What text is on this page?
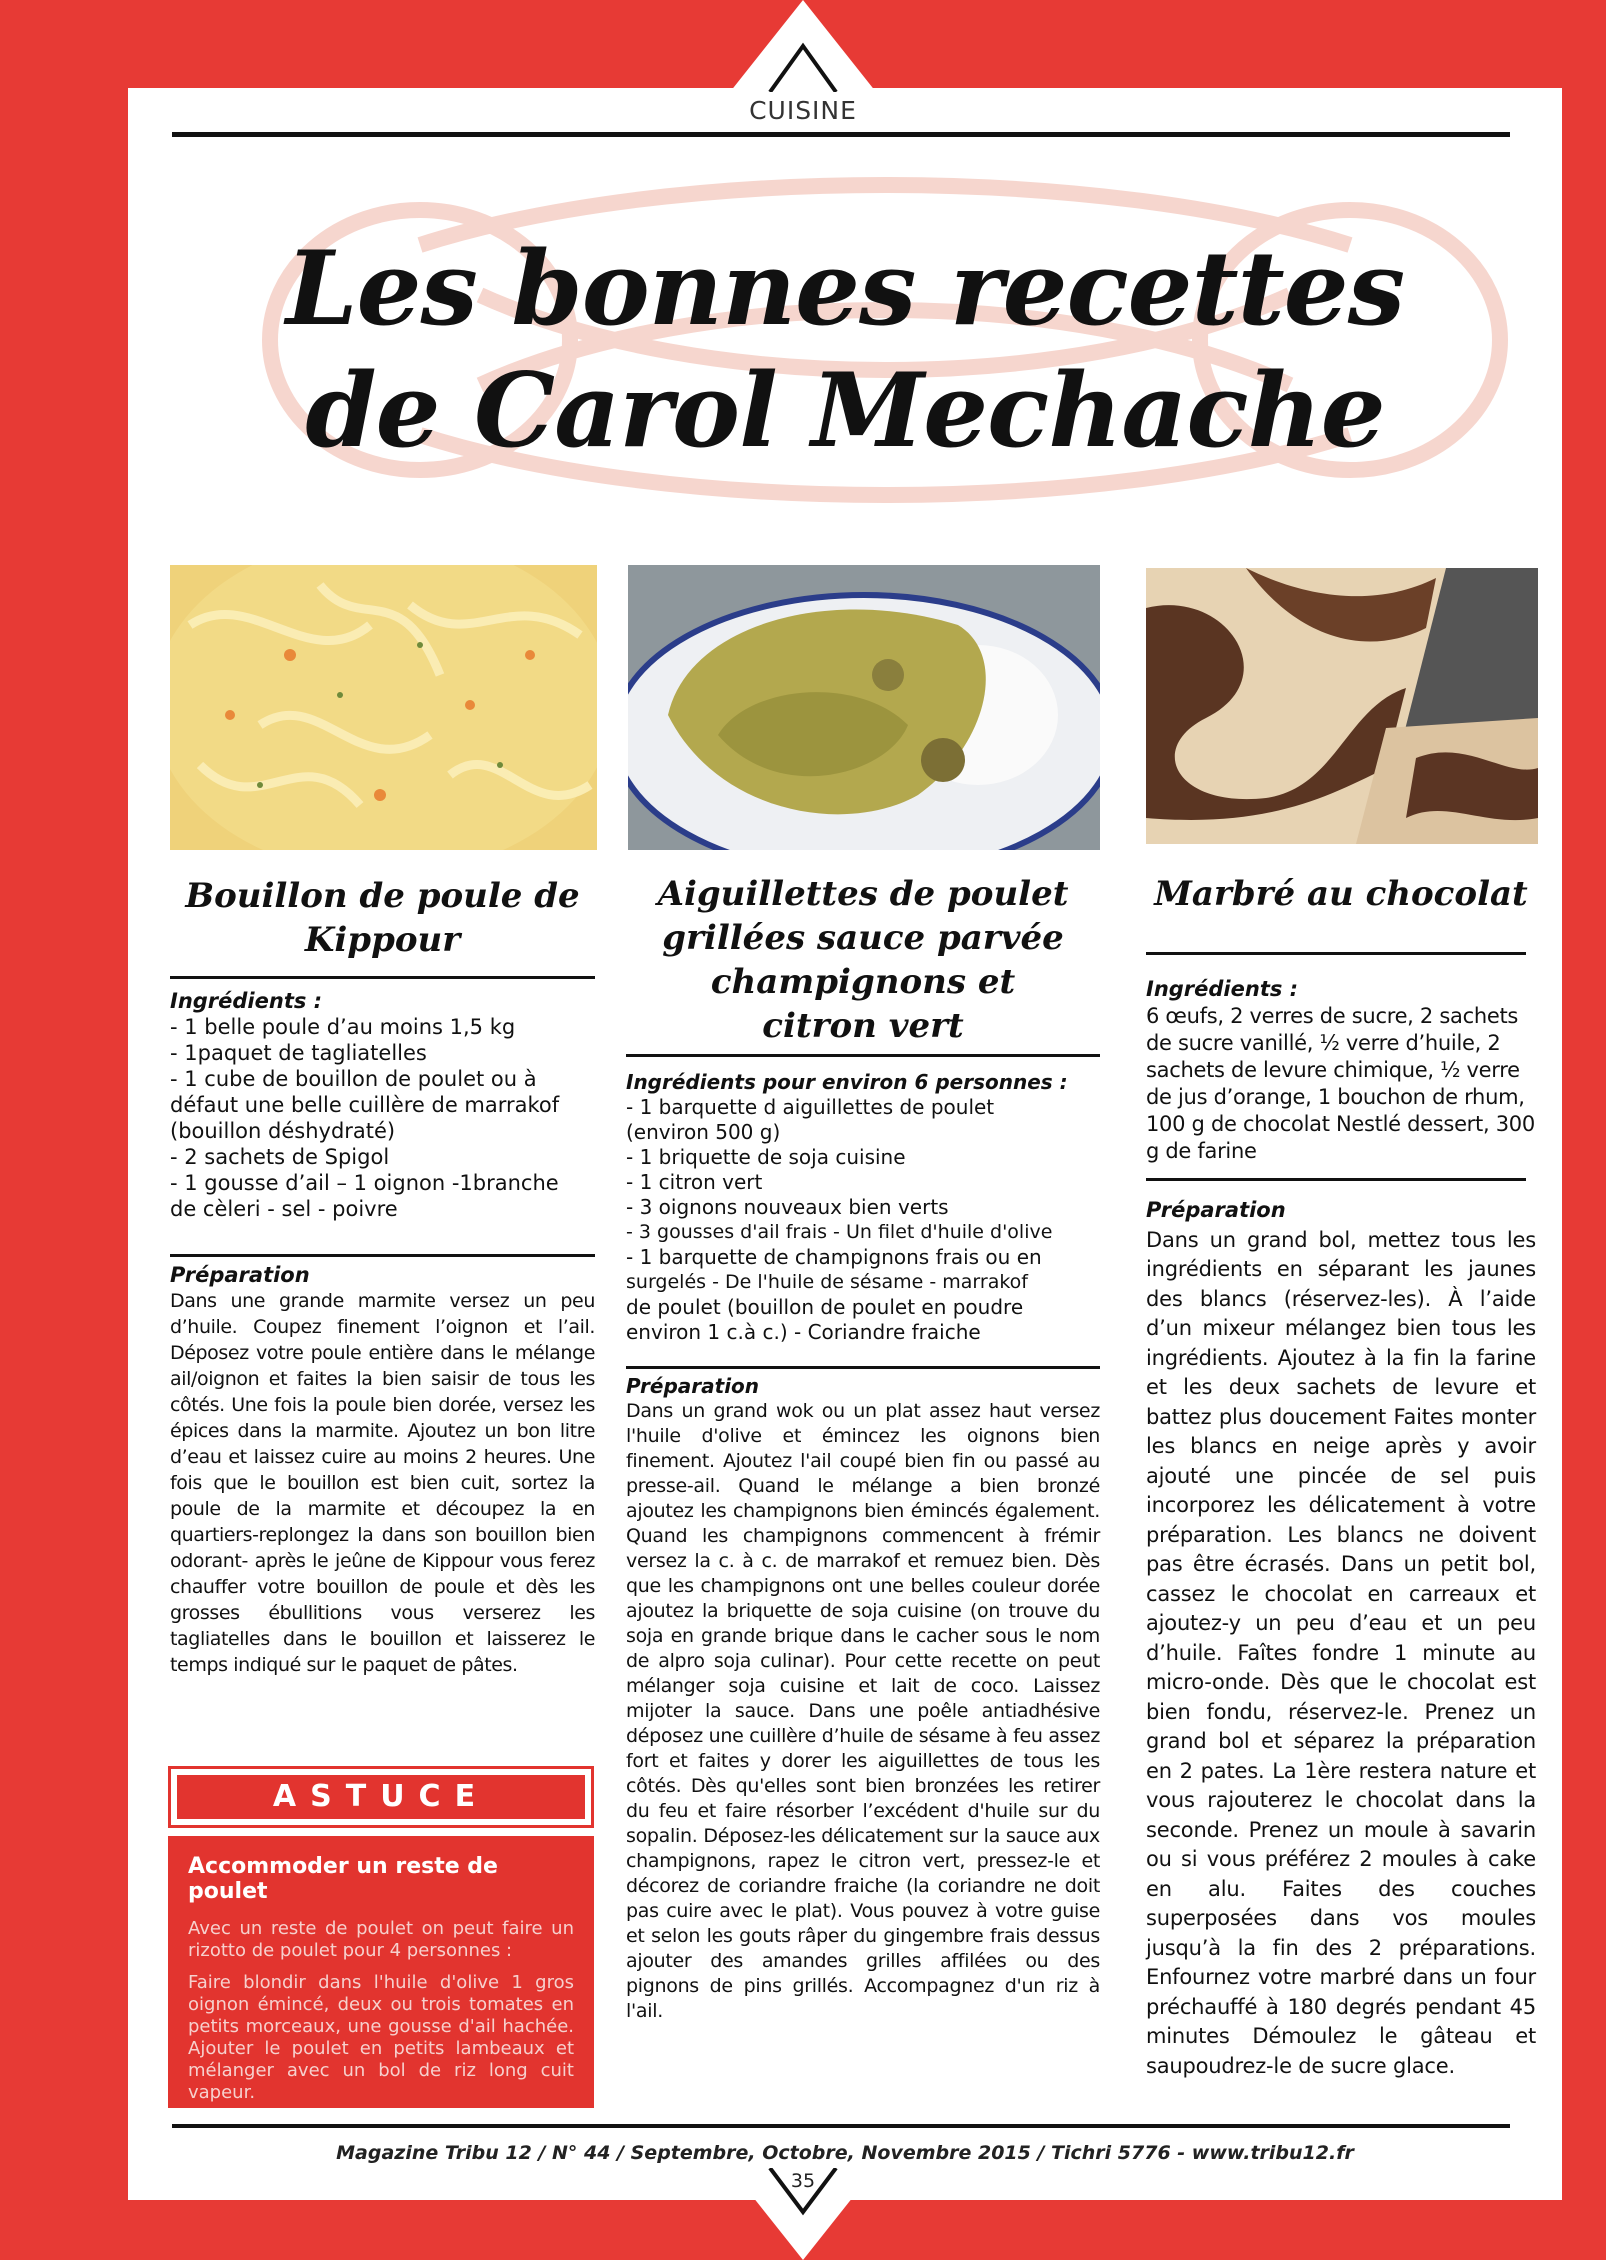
CUISINE
Les bonnes recettes
de Carol Mechache
Bouillon de poule de
Kippour

Ingrédients :

- 1 belle poule d’au moins 1,5 kg
- 1paquet de tagliatelles
- 1 cube de bouillon de poulet ou à
défaut une belle cuillère de marrakof
(bouillon déshydraté)
- 2 sachets de Spigol
- 1 gousse d’ail – 1 oignon -1branche
de cèleri - sel - poivre

Préparation

Dans une grande marmite versez un peu d’huile. Coupez finement l’oignon et l’ail. Déposez votre poule entière dans le mélange ail/oignon et faites la bien saisir de tous les côtés. Une fois la poule bien dorée, versez les épices dans la marmite. Ajoutez un bon litre d’eau et laissez cuire au moins 2 heures. Une fois que le bouillon est bien cuit, sortez la poule de la marmite et découpez la en quartiers-replongez la dans son bouillon bien odorant- après le jeûne de Kippour vous ferez chauffer votre bouillon de poule et dès les grosses ébullitions vous verserez les tagliatelles dans le bouillon et laisserez le temps indiqué sur le paquet de pâtes.
ASTUCE

Accommoder un reste de poulet

Avec un reste de poulet on peut faire un rizotto de poulet pour 4 personnes :

Faire blondir dans l'huile d'olive 1 gros oignon émincé, deux ou trois tomates en petits morceaux, une gousse d'ail hachée. Ajouter le poulet en petits lambeaux et mélanger avec un bol de riz long cuit vapeur.

Aiguillettes de poulet
grillées sauce parvée
champignons et
citron vert

Ingrédients pour environ 6 personnes :

- 1 barquette d aiguillettes de poulet
(environ 500 g)
- 1 briquette de soja cuisine
- 1 citron vert
- 3 oignons nouveaux bien verts
- 3 gousses d'ail frais - Un filet d'huile d'olive
- 1 barquette de champignons frais ou en
surgelés - De l'huile de sésame - marrakof
de poulet (bouillon de poulet en poudre
environ 1 c.à c.) - Coriandre fraiche

Préparation

Dans un grand wok ou un plat assez haut versez l'huile d'olive et émincez les oignons bien finement. Ajoutez l'ail coupé bien fin ou passé au presse-ail. Quand le mélange a bien bronzé ajoutez les champignons bien émincés également. Quand les champignons commencent à frémir versez la c. à c. de marrakof et remuez bien. Dès que les champignons ont une belles couleur dorée ajoutez la briquette de soja cuisine (on trouve du soja en grande brique dans le cacher sous le nom de alpro soja culinar). Pour cette recette on peut mélanger soja cuisine et lait de coco. Laissez mijoter la sauce. Dans une poêle antiadhésive déposez une cuillère d’huile de sésame à feu assez fort et faites y dorer les aiguillettes de tous les côtés. Dès qu'elles sont bien bronzées les retirer du feu et faire résorber l’excédent d'huile sur du sopalin. Déposez-les délicatement sur la sauce aux champignons, rapez le citron vert, pressez-le et décorez de coriandre fraiche (la coriandre ne doit pas cuire avec le plat). Vous pouvez à votre guise et selon les gouts râper du gingembre frais dessus ajouter des amandes grilles affilées ou des pignons de pins grillés. Accompagnez d'un riz à l'ail.
Marbré au chocolat

Ingrédients :

6 œufs, 2 verres de sucre, 2 sachets de sucre vanillé, ½ verre d’huile, 2 sachets de levure chimique, ½ verre de jus d’orange, 1 bouchon de rhum, 100 g de chocolat Nestlé dessert, 300 g de farine

Préparation

Dans un grand bol, mettez tous les ingrédients en séparant les jaunes des blancs (réservez-les). À l’aide d’un mixeur mélangez bien tous les ingrédients. Ajoutez à la fin la farine et les deux sachets de levure et battez plus doucement Faites monter les blancs en neige après y avoir ajouté une pincée de sel puis incorporez les délicatement à votre préparation. Les blancs ne doivent pas être écrasés. Dans un petit bol, cassez le chocolat en carreaux et ajoutez-y un peu d’eau et un peu d’huile. Faîtes fondre 1 minute au micro-onde. Dès que le chocolat est bien fondu, réservez-le. Prenez un grand bol et séparez la préparation en 2 pates. La 1ère restera nature et vous rajouterez le chocolat dans la seconde. Prenez un moule à savarin ou si vous préférez 2 moules à cake en alu. Faites des couches superposées dans vos moules jusqu’à la fin des 2 préparations. Enfournez votre marbré dans un four préchauffé à 180 degrés pendant 45 minutes Démoulez le gâteau et saupoudrez-le de sucre glace.
Magazine Tribu 12 / N° 44 / Septembre, Octobre, Novembre 2015 / Tichri 5776 - www.tribu12.fr
35
